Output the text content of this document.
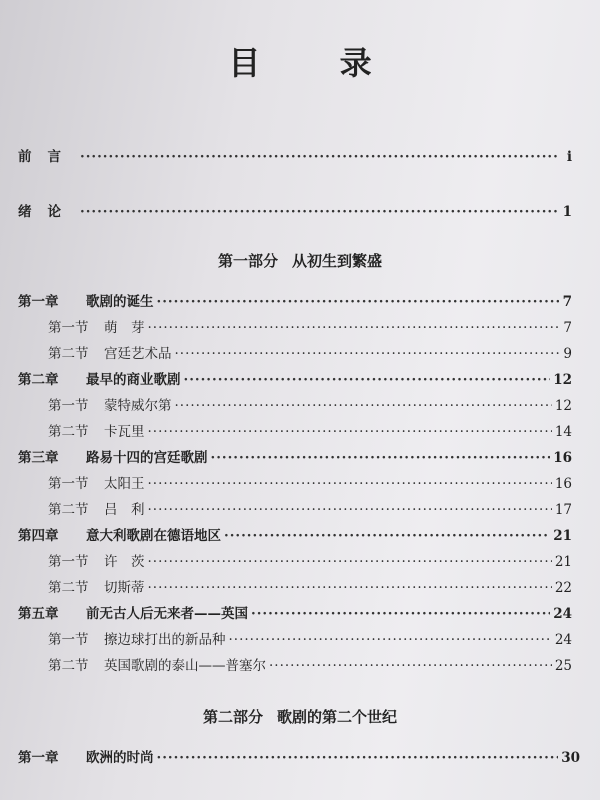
目 录
前言 ·····	i
绪论 ·····	1
第一部分 从初生到繁盛
第一章	歌剧的诞生 ·····	7
第一节	萌　芽 ·····	7
第二节	宫廷艺术品 ·····	9
第二章	最早的商业歌剧 ·····	12
第一节	蒙特威尔第 ·····	12
第二节	卡瓦里 ·····	14
第三章	路易十四的宫廷歌剧 ·····	16
第一节	太阳王 ·····	16
第二节	吕　利 ·····	17
第四章	意大利歌剧在德语地区 ·····	21
第一节	许　茨 ·····	21
第二节	切斯蒂 ·····	22
第五章	前无古人后无来者——英国 ·····	24
第一节	擦边球打出的新品种 ·····	24
第二节	英国歌剧的泰山——普塞尔 ·····	25
第二部分 歌剧的第二个世纪
第一章	欧洲的时尚 ·····	30
